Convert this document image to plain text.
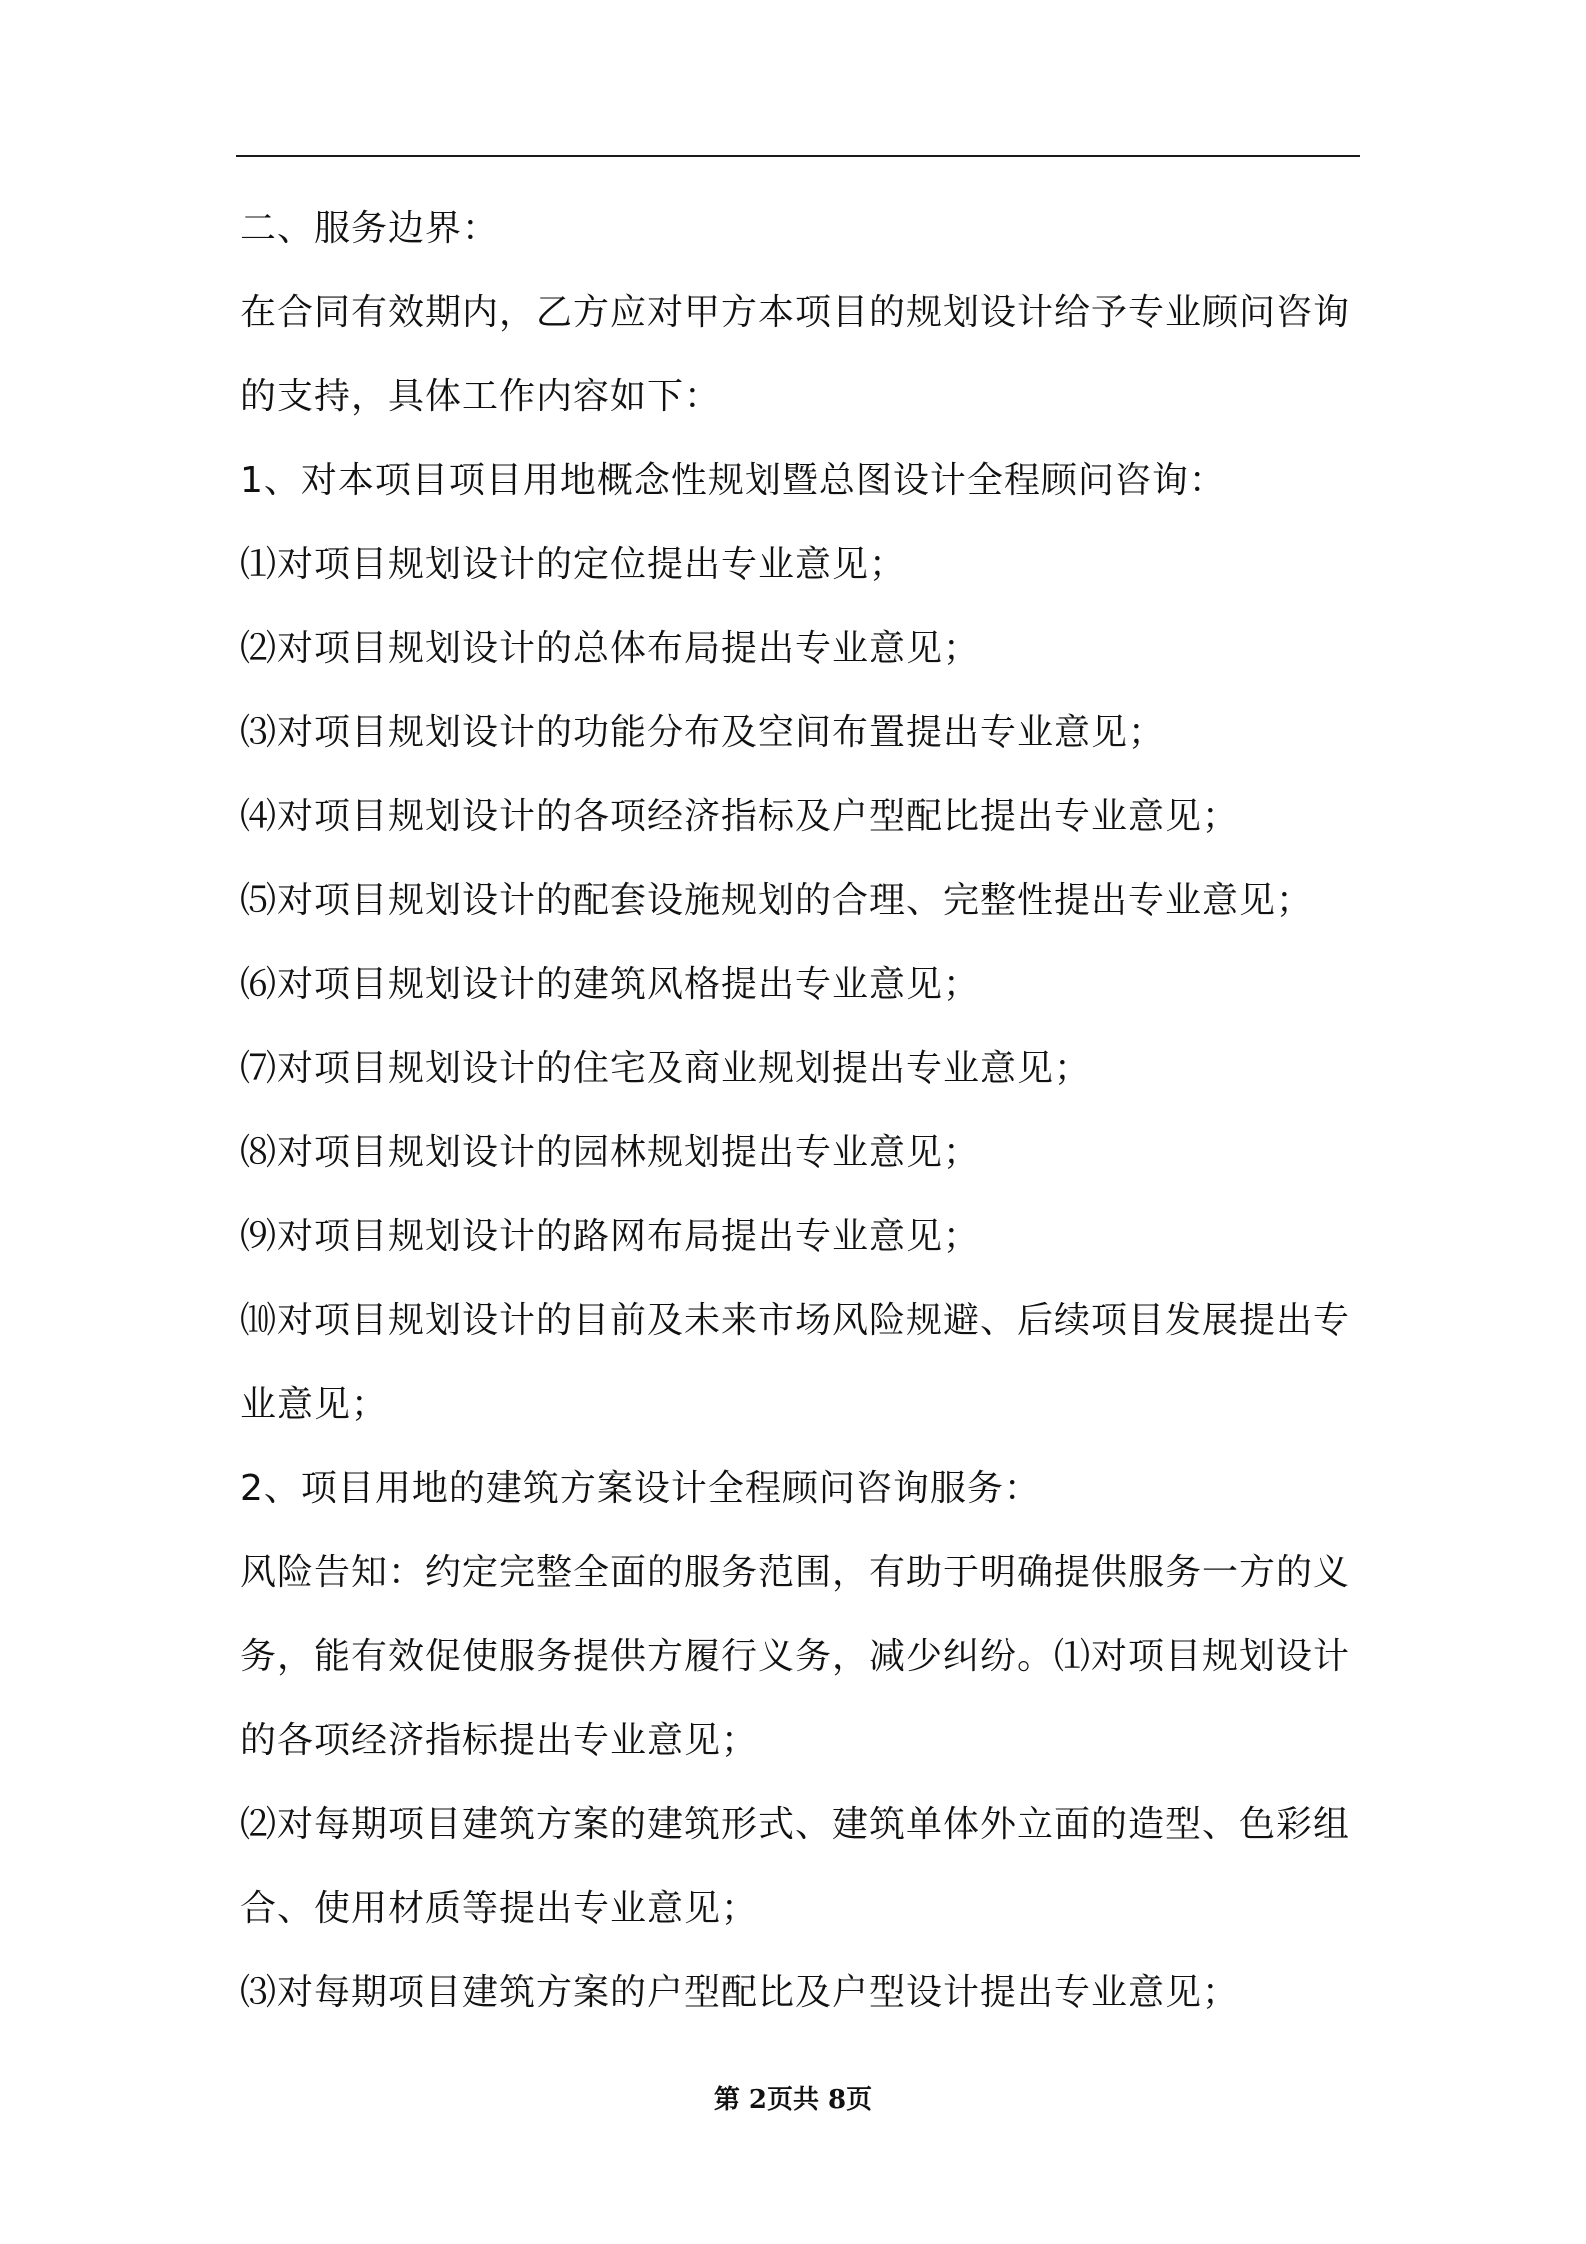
二、服务边界：
在合同有效期内，乙方应对甲方本项目的规划设计给予专业顾问咨询
的支持，具体工作内容如下：
1、对本项目项目用地概念性规划暨总图设计全程顾问咨询：
⑴对项目规划设计的定位提出专业意见；
⑵对项目规划设计的总体布局提出专业意见；
⑶对项目规划设计的功能分布及空间布置提出专业意见；
⑷对项目规划设计的各项经济指标及户型配比提出专业意见；
⑸对项目规划设计的配套设施规划的合理、完整性提出专业意见；
⑹对项目规划设计的建筑风格提出专业意见；
⑺对项目规划设计的住宅及商业规划提出专业意见；
⑻对项目规划设计的园林规划提出专业意见；
⑼对项目规划设计的路网布局提出专业意见；
⑽对项目规划设计的目前及未来市场风险规避、后续项目发展提出专
业意见；
2、项目用地的建筑方案设计全程顾问咨询服务：
风险告知：约定完整全面的服务范围，有助于明确提供服务一方的义
务，能有效促使服务提供方履行义务，减少纠纷。⑴对项目规划设计
的各项经济指标提出专业意见；
⑵对每期项目建筑方案的建筑形式、建筑单体外立面的造型、色彩组
合、使用材质等提出专业意见；
⑶对每期项目建筑方案的户型配比及户型设计提出专业意见；
第 2页共 8页
